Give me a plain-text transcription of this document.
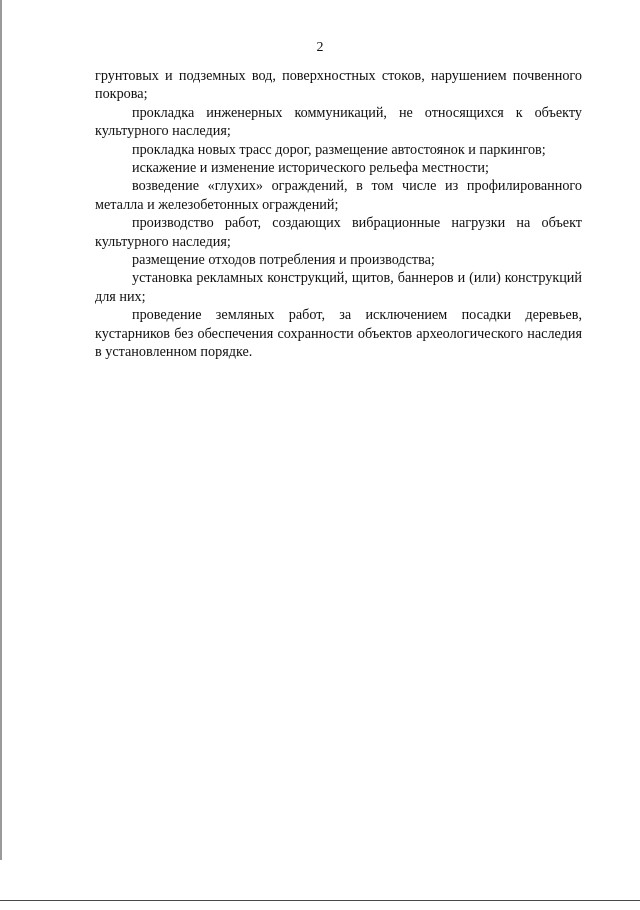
2

грунтовых и подземных вод, поверхностных стоков, нарушением почвенного покрова;

прокладка инженерных коммуникаций, не относящихся к объекту культурного наследия;

прокладка новых трасс дорог, размещение автостоянок и паркингов;

искажение и изменение исторического рельефа местности;

возведение «глухих» ограждений, в том числе из профилированного металла и железобетонных ограждений;

производство работ, создающих вибрационные нагрузки на объект культурного наследия;

размещение отходов потребления и производства;

установка рекламных конструкций, щитов, баннеров и (или) конструкций для них;

проведение земляных работ, за исключением посадки деревьев, кустарников без обеспечения сохранности объектов археологического наследия в установленном порядке.
